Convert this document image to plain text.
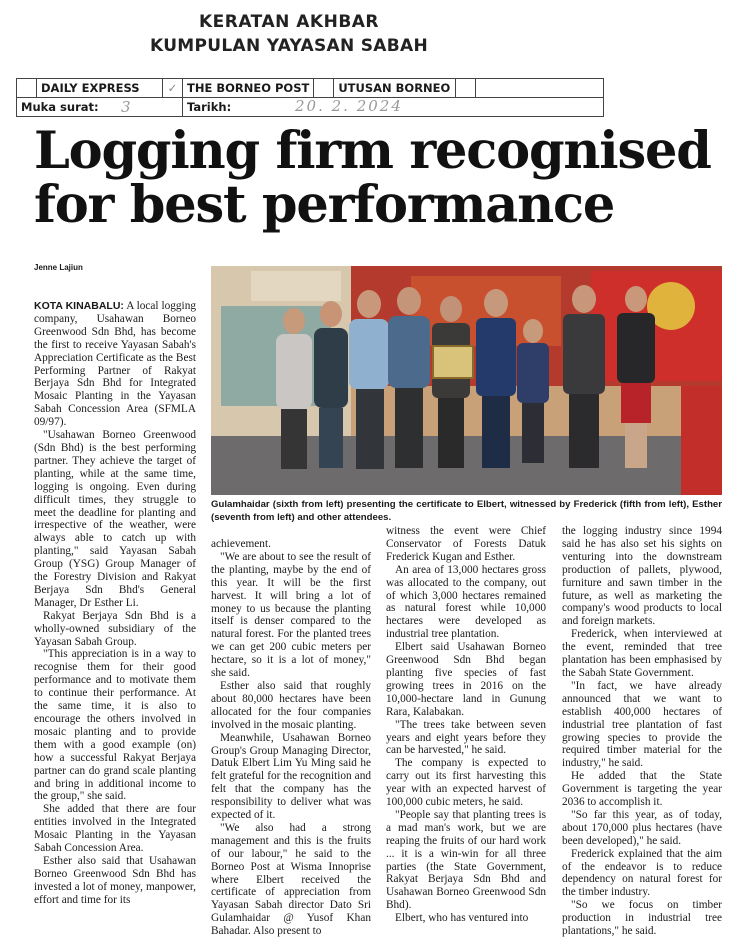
KERATAN AKHBAR
KUMPULAN YAYASAN SABAH
	DAILY EXPRESS	✓	THE BORNEO POST		UTUSAN BORNEO		
Muka surat: 3			Tarikh: 20. 2. 2024				
Logging firm recognised
for best performance
Jenne Lajiun
Gulamhaidar (sixth from left) presenting the certificate to Elbert, witnessed by Frederick (fifth from left), Esther (seventh from left) and other attendees.

KOTA KINABALU: A local logging company, Usahawan Borneo Greenwood Sdn Bhd, has become the first to receive Yayasan Sabah's Appreciation Certificate as the Best Performing Partner of Rakyat Berjaya Sdn Bhd for Integrated Mosaic Planting in the Yayasan Sabah Concession Area (SFMLA 09/97).

"Usahawan Borneo Greenwood (Sdn Bhd) is the best performing partner. They achieve the target of planting, while at the same time, logging is ongoing. Even during difficult times, they struggle to meet the deadline for planting and irrespective of the weather, were always able to catch up with planting," said Yayasan Sabah Group (YSG) Group Manager of the Forestry Division and Rakyat Berjaya Sdn Bhd's General Manager, Dr Esther Li.

Rakyat Berjaya Sdn Bhd is a wholly-owned subsidiary of the Yayasan Sabah Group.

"This appreciation is in a way to recognise them for their good performance and to motivate them to continue their performance. At the same time, it is also to encourage the others involved in mosaic planting and to provide them with a good example (on) how a successful Rakyat Berjaya partner can do grand scale planting and bring in additional income to the group," she said.

She added that there are four entities involved in the Integrated Mosaic Planting in the Yayasan Sabah Concession Area.

Esther also said that Usahawan Borneo Greenwood Sdn Bhd has invested a lot of money, manpower, effort and time for its

achievement.

"We are about to see the result of the planting, maybe by the end of this year. It will be the first harvest. It will bring a lot of money to us because the planting itself is denser compared to the natural forest. For the planted trees we can get 200 cubic meters per hectare, so it is a lot of money," she said.

Esther also said that roughly about 80,000 hectares have been allocated for the four companies involved in the mosaic planting.

Meanwhile, Usahawan Borneo Group's Group Managing Director, Datuk Elbert Lim Yu Ming said he felt grateful for the recognition and felt that the company has the responsibility to deliver what was expected of it.

"We also had a strong management and this is the fruits of our labour," he said to the Borneo Post at Wisma Innoprise where Elbert received the certificate of appreciation from Yayasan Sabah director Dato Sri Gulamhaidar @ Yusof Khan Bahadar. Also present to

witness the event were Chief Conservator of Forests Datuk Frederick Kugan and Esther.

An area of 13,000 hectares gross was allocated to the company, out of which 3,000 hectares remained as natural forest while 10,000 hectares were developed as industrial tree plantation.

Elbert said Usahawan Borneo Greenwood Sdn Bhd began planting five species of fast growing trees in 2016 on the 10,000-hectare land in Gunung Rara, Kalabakan.

"The trees take between seven years and eight years before they can be harvested," he said.

The company is expected to carry out its first harvesting this year with an expected harvest of 100,000 cubic meters, he said.

"People say that planting trees is a mad man's work, but we are reaping the fruits of our hard work ... it is a win-win for all three parties (the State Government, Rakyat Berjaya Sdn Bhd and Usahawan Borneo Greenwood Sdn Bhd).

Elbert, who has ventured into

the logging industry since 1994 said he has also set his sights on venturing into the downstream production of pallets, plywood, furniture and sawn timber in the future, as well as marketing the company's wood products to local and foreign markets.

Frederick, when interviewed at the event, reminded that tree plantation has been emphasised by the Sabah State Government.

"In fact, we have already announced that we want to establish 400,000 hectares of industrial tree plantation of fast growing species to provide the required timber material for the industry," he said.

He added that the State Government is targeting the year 2036 to accomplish it.

"So far this year, as of today, about 170,000 plus hectares (have been developed)," he said.

Frederick explained that the aim of the endeavor is to reduce dependency on natural forest for the timber industry.

"So we focus on timber production in industrial tree plantations," he said.
